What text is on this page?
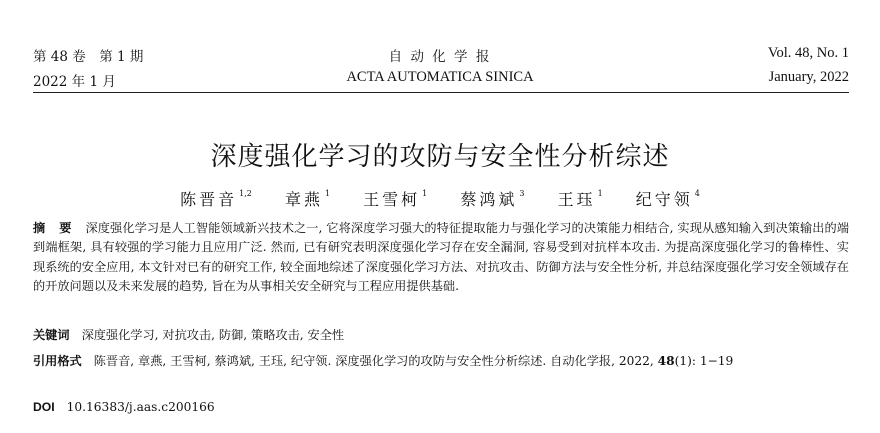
第 48 卷　第 1 期
2022 年 1 月
自 动 化 学 报
ACTA AUTOMATICA SINICA
Vol. 48, No. 1
January, 2022
深度强化学习的攻防与安全性分析综述
陈晋音 $^{1,2}$ 章燕 $^1$ 王雪柯 $^1$ 蔡鸿斌 $^3$ 王珏 $^1$ 纪守领 $^4$
摘要深度强化学习是人工智能领域新兴技术之一, 它将深度学习强大的特征提取能力与强化学习的决策能力相结合, 实现从感知输入到决策输出的端到端框架, 具有较强的学习能力且应用广泛. 然而, 已有研究表明深度强化学习存在安全漏洞, 容易受到对抗样本攻击. 为提高深度强化学习的鲁棒性、实现系统的安全应用, 本文针对已有的研究工作, 较全面地综述了深度强化学习方法、对抗攻击、防御方法与安全性分析, 并总结深度强化学习安全领域存在的开放问题以及未来发展的趋势, 旨在为从事相关安全研究与工程应用提供基础.
关键词 深度强化学习, 对抗攻击, 防御, 策略攻击, 安全性
引用格式 陈晋音, 章燕, 王雪柯, 蔡鸿斌, 王珏, 纪守领. 深度强化学习的攻防与安全性分析综述. 自动化学报, 2022, 48(1): 1−19
DOI 10.16383/j.aas.c200166
